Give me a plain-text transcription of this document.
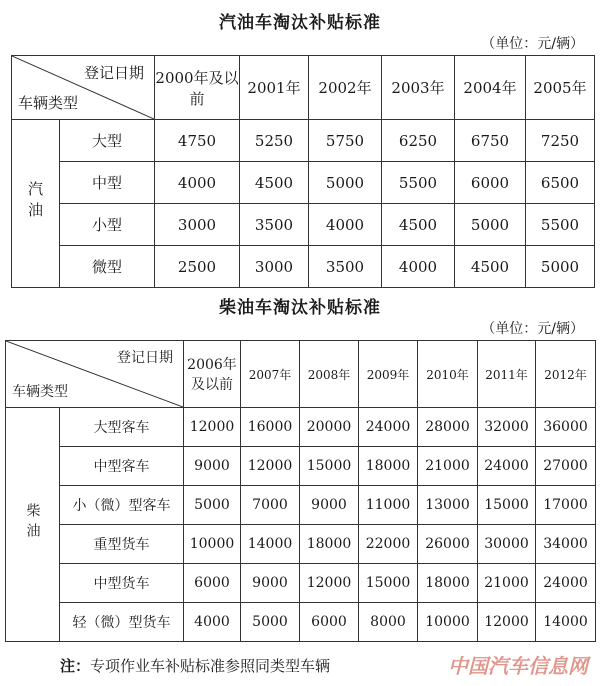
汽油车淘汰补贴标准
（单位：元/辆）
登记日期
车辆类型		2000年及以前	2001年	2002年	2003年	2004年	2005年
汽油	大型	4750	5250	5750	6250	6750	7250
	中型	4000	4500	5000	5500	6000	6500
	小型	3000	3500	4000	4500	5000	5500
	微型	2500	3000	3500	4000	4500	5000
柴油车淘汰补贴标准
（单位：元/辆）
登记日期
车辆类型		2006年及以前	2007年	2008年	2009年	2010年	2011年	2012年
柴油	大型客车	12000	16000	20000	24000	28000	32000	36000
	中型客车	9000	12000	15000	18000	21000	24000	27000
	小（微）型客车	5000	7000	9000	11000	13000	15000	17000
	重型货车	10000	14000	18000	22000	26000	30000	34000
	中型货车	6000	9000	12000	15000	18000	21000	24000
	轻（微）型货车	4000	5000	6000	8000	10000	12000	14000
注：专项作业车补贴标准参照同类型车辆	中国汽车信息网
